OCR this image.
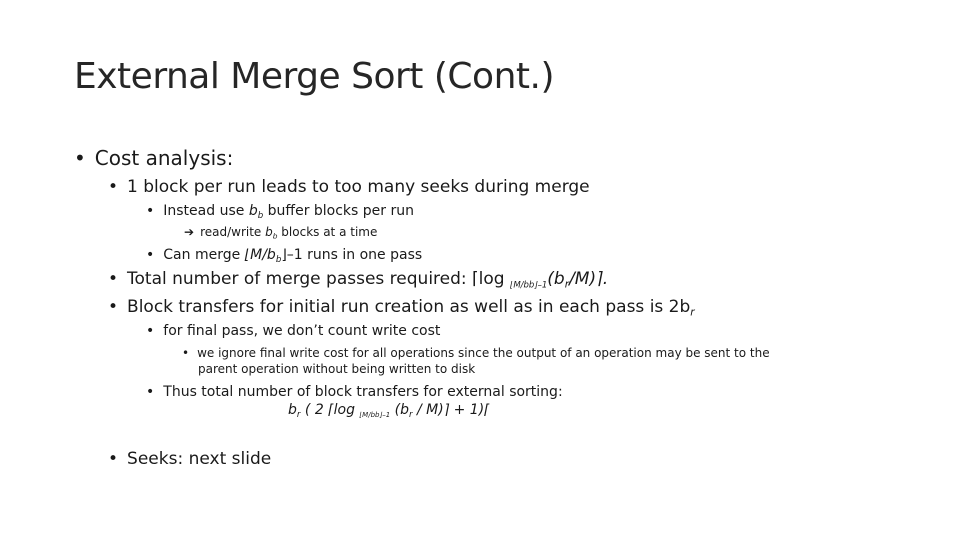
External Merge Sort (Cont.)
• Cost analysis:
• 1 block per run leads to too many seeks during merge
• Instead use $b_b$ buffer blocks per run
➔ read/write $b_b$ blocks at a time
• Can merge $⌊M/b_b⌋-1$ runs in one pass
• Total number of merge passes required: ⌈log $_{⌊M/bb⌋-1}(b_r/M)⌉$.
• Block transfers for initial run creation as well as in each pass is $2b_r$
• for final pass, we don’t count write cost
• we ignore final write cost for all operations since the output of an operation may be sent to the
parent operation without being written to disk
• Thus total number of block transfers for external sorting:
$b_r$ ( 2 ⌈log $_{⌊M/bb⌋-1}$ ($b_r$ / M)⌉ + 1)⌈
• Seeks: next slide
